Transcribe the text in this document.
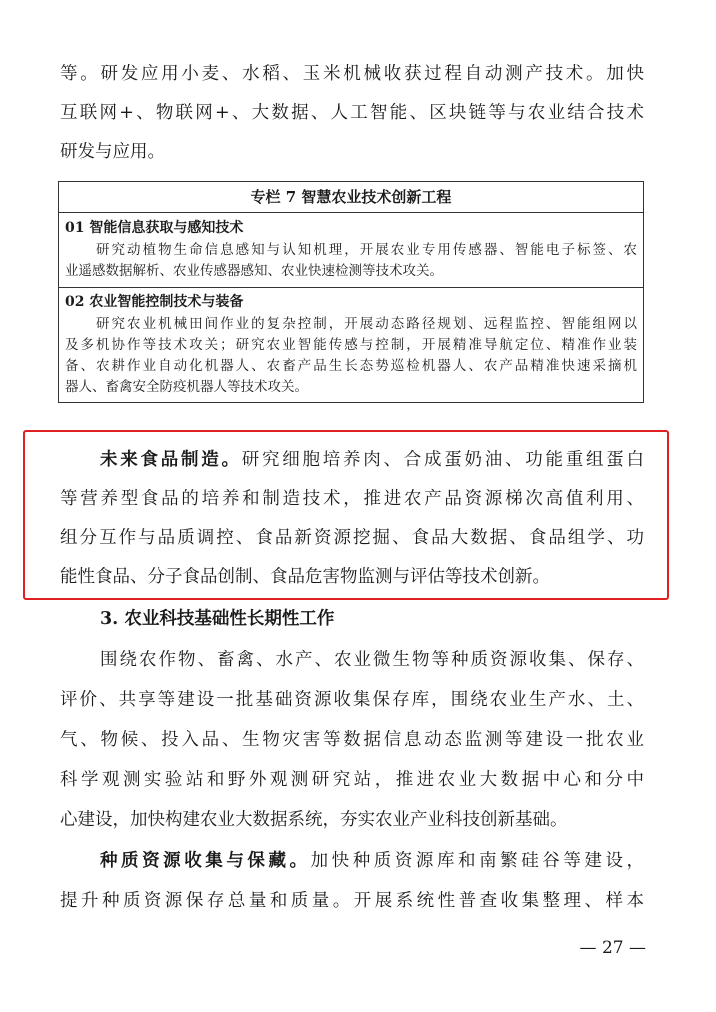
等。研发应用小麦、水稻、玉米机械收获过程自动测产技术。加快
互联网+、物联网+、大数据、人工智能、区块链等与农业结合技术
研发与应用。
专栏 7 智慧农业技术创新工程
01 智能信息获取与感知技术
　　研究动植物生命信息感知与认知机理，开展农业专用传感器、智能电子标签、农
业遥感数据解析、农业传感器感知、农业快速检测等技术攻关。
02 农业智能控制技术与装备
　　研究农业机械田间作业的复杂控制，开展动态路径规划、远程监控、智能组网以
及多机协作等技术攻关；研究农业智能传感与控制，开展精准导航定位、精准作业装
备、农耕作业自动化机器人、农畜产品生长态势巡检机器人、农产品精准快速采摘机
器人、畜禽安全防疫机器人等技术攻关。
未来食品制造。研究细胞培养肉、合成蛋奶油、功能重组蛋白
等营养型食品的培养和制造技术，推进农产品资源梯次高值利用、
组分互作与品质调控、食品新资源挖掘、食品大数据、食品组学、功
能性食品、分子食品创制、食品危害物监测与评估等技术创新。
3. 农业科技基础性长期性工作
围绕农作物、畜禽、水产、农业微生物等种质资源收集、保存、
评价、共享等建设一批基础资源收集保存库，围绕农业生产水、土、
气、物候、投入品、生物灾害等数据信息动态监测等建设一批农业
科学观测实验站和野外观测研究站，推进农业大数据中心和分中
心建设，加快构建农业大数据系统，夯实农业产业科技创新基础。
种质资源收集与保藏。加快种质资源库和南繁硅谷等建设，
提升种质资源保存总量和质量。开展系统性普查收集整理、样本
— 27 —
